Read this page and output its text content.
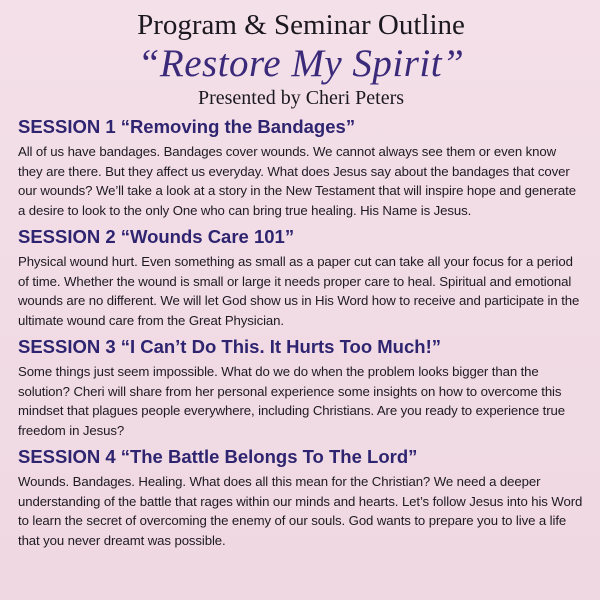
Program & Seminar Outline
“Restore My Spirit”
Presented by Cheri Peters
SESSION 1 “Removing the Bandages”

All of us have bandages. Bandages cover wounds. We cannot always see them or even know they are there. But they affect us everyday. What does Jesus say about the bandages that cover our wounds? We’ll take a look at a story in the New Testament that will inspire hope and generate a desire to look to the only One who can bring true healing. His Name is Jesus.

SESSION 2 “Wounds Care 101”

Physical wound hurt. Even something as small as a paper cut can take all your focus for a period of time. Whether the wound is small or large it needs proper care to heal. Spiritual and emotional wounds are no different. We will let God show us in His Word how to receive and participate in the ultimate wound care from the Great Physician.

SESSION 3 “I Can’t Do This. It Hurts Too Much!”

Some things just seem impossible. What do we do when the problem looks bigger than the solution? Cheri will share from her personal experience some insights on how to overcome this mindset that plagues people everywhere, including Christians. Are you ready to experience true freedom in Jesus?

SESSION 4 “The Battle Belongs To The Lord”

Wounds. Bandages. Healing. What does all this mean for the Christian? We need a deeper understanding of the battle that rages within our minds and hearts. Let’s follow Jesus into his Word to learn the secret of overcoming the enemy of our souls. God wants to prepare you to live a life that you never dreamt was possible.
